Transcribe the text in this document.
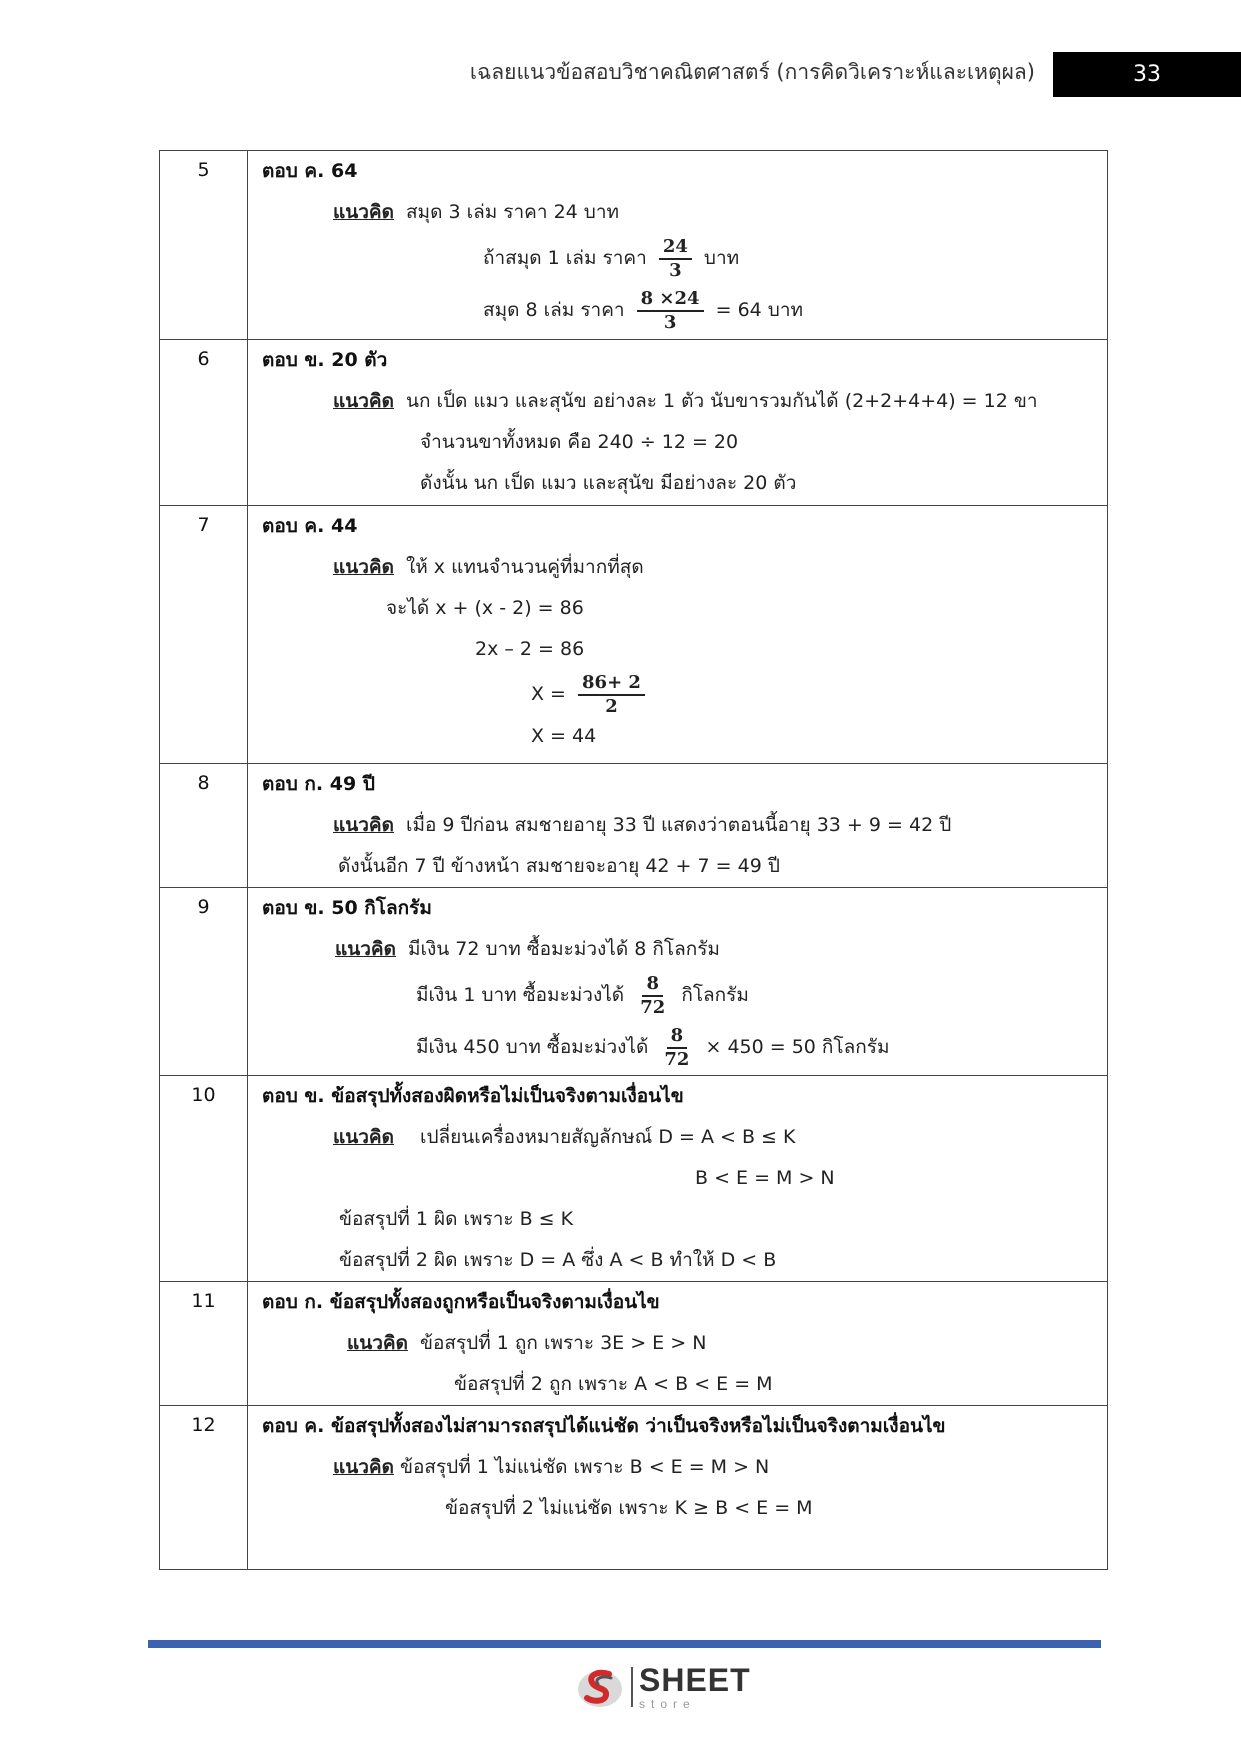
เฉลยแนวข้อสอบวิชาคณิตศาสตร์ (การคิดวิเคราะห์และเหตุผล)	33
5	ตอบ ค. 64
แนวคิด สมุด 3 เล่ม ราคา 24 บาท
ถ้าสมุด 1 เล่ม ราคา $\frac{24}{3}$ บาท
สมุด 8 เล่ม ราคา $\frac{8 \times 24}{3} = 64$ บาท
6	ตอบ ข. 20 ตัว
แนวคิด นก เป็ด แมว และสุนัข อย่างละ 1 ตัว นับขารวมกันได้ (2+2+4+4) = 12 ขา
จำนวนขาทั้งหมด คือ 240 ÷ 12 = 20
ดังนั้น นก เป็ด แมว และสุนัข มีอย่างละ 20 ตัว
7	ตอบ ค. 44
แนวคิด ให้ x แทนจำนวนคู่ที่มากที่สุด
จะได้ x + (x - 2) = 86
2x – 2 = 86
$X = \frac{86+ 2}{2}$
X = 44
8	ตอบ ก. 49 ปี
แนวคิด เมื่อ 9 ปีก่อน สมชายอายุ 33 ปี แสดงว่าตอนนี้อายุ 33 + 9 = 42 ปี
ดังนั้นอีก 7 ปี ข้างหน้า สมชายจะอายุ 42 + 7 = 49 ปี
9	ตอบ ข. 50 กิโลกรัม
แนวคิด มีเงิน 72 บาท ซื้อมะม่วงได้ 8 กิโลกรัม
มีเงิน 1 บาท ซื้อมะม่วงได้ $\frac{8}{72}$ กิโลกรัม
มีเงิน 450 บาท ซื้อมะม่วงได้ $\frac{8}{72} \times 450 = 50$ กิโลกรัม
10	ตอบ ข. ข้อสรุปทั้งสองผิดหรือไม่เป็นจริงตามเงื่อนไข
แนวคิด เปลี่ยนเครื่องหมายสัญลักษณ์ D = A < B ≤ K
B < E = M > N
ข้อสรุปที่ 1 ผิด เพราะ B ≤ K
ข้อสรุปที่ 2 ผิด เพราะ D = A ซึ่ง A < B ทำให้ D < B
11	ตอบ ก. ข้อสรุปทั้งสองถูกหรือเป็นจริงตามเงื่อนไข
แนวคิด ข้อสรุปที่ 1 ถูก เพราะ 3E > E > N
ข้อสรุปที่ 2 ถูก เพราะ A < B < E = M
12	ตอบ ค. ข้อสรุปทั้งสองไม่สามารถสรุปได้แน่ชัด ว่าเป็นจริงหรือไม่เป็นจริงตามเงื่อนไข
แนวคิด ข้อสรุปที่ 1 ไม่แน่ชัด เพราะ B < E = M > N
ข้อสรุปที่ 2 ไม่แน่ชัด เพราะ K ≥ B < E = M
SHEET
store
